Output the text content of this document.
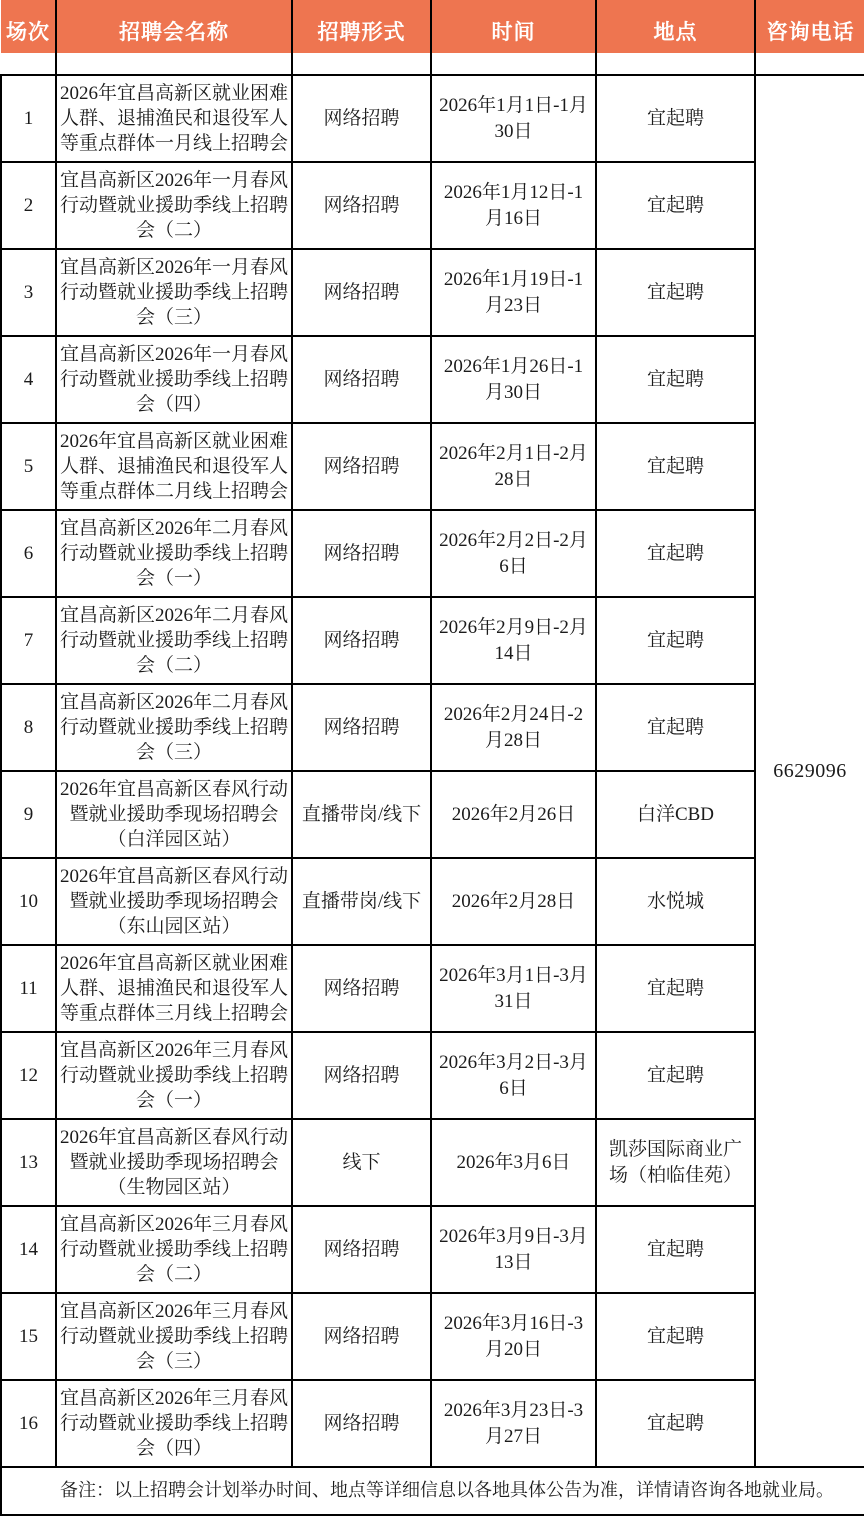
场次	招聘会名称	招聘形式	时间	地点	咨询电话
1	2026年宜昌高新区就业困难人群、退捕渔民和退役军人等重点群体一月线上招聘会	网络招聘	2026年1月1日-1月30日	宜起聘	6629096
2	宜昌高新区2026年一月春风行动暨就业援助季线上招聘会（二）	网络招聘	2026年1月12日-1月16日	宜起聘	
3	宜昌高新区2026年一月春风行动暨就业援助季线上招聘会（三）	网络招聘	2026年1月19日-1月23日	宜起聘	
4	宜昌高新区2026年一月春风行动暨就业援助季线上招聘会（四）	网络招聘	2026年1月26日-1月30日	宜起聘	
5	2026年宜昌高新区就业困难人群、退捕渔民和退役军人等重点群体二月线上招聘会	网络招聘	2026年2月1日-2月28日	宜起聘	
6	宜昌高新区2026年二月春风行动暨就业援助季线上招聘会（一）	网络招聘	2026年2月2日-2月6日	宜起聘	
7	宜昌高新区2026年二月春风行动暨就业援助季线上招聘会（二）	网络招聘	2026年2月9日-2月14日	宜起聘	
8	宜昌高新区2026年二月春风行动暨就业援助季线上招聘会（三）	网络招聘	2026年2月24日-2月28日	宜起聘	
9	2026年宜昌高新区春风行动暨就业援助季现场招聘会（白洋园区站）	直播带岗/线下	2026年2月26日	白洋CBD	
10	2026年宜昌高新区春风行动暨就业援助季现场招聘会（东山园区站）	直播带岗/线下	2026年2月28日	水悦城	
11	2026年宜昌高新区就业困难人群、退捕渔民和退役军人等重点群体三月线上招聘会	网络招聘	2026年3月1日-3月31日	宜起聘	
12	宜昌高新区2026年三月春风行动暨就业援助季线上招聘会（一）	网络招聘	2026年3月2日-3月6日	宜起聘	
13	2026年宜昌高新区春风行动暨就业援助季现场招聘会（生物园区站）	线下	2026年3月6日	凯莎国际商业广场（柏临佳苑）	
14	宜昌高新区2026年三月春风行动暨就业援助季线上招聘会（二）	网络招聘	2026年3月9日-3月13日	宜起聘	
15	宜昌高新区2026年三月春风行动暨就业援助季线上招聘会（三）	网络招聘	2026年3月16日-3月20日	宜起聘	
16	宜昌高新区2026年三月春风行动暨就业援助季线上招聘会（四）	网络招聘	2026年3月23日-3月27日	宜起聘	
备注：以上招聘会计划举办时间、地点等详细信息以各地具体公告为准，详情请咨询各地就业局。					
